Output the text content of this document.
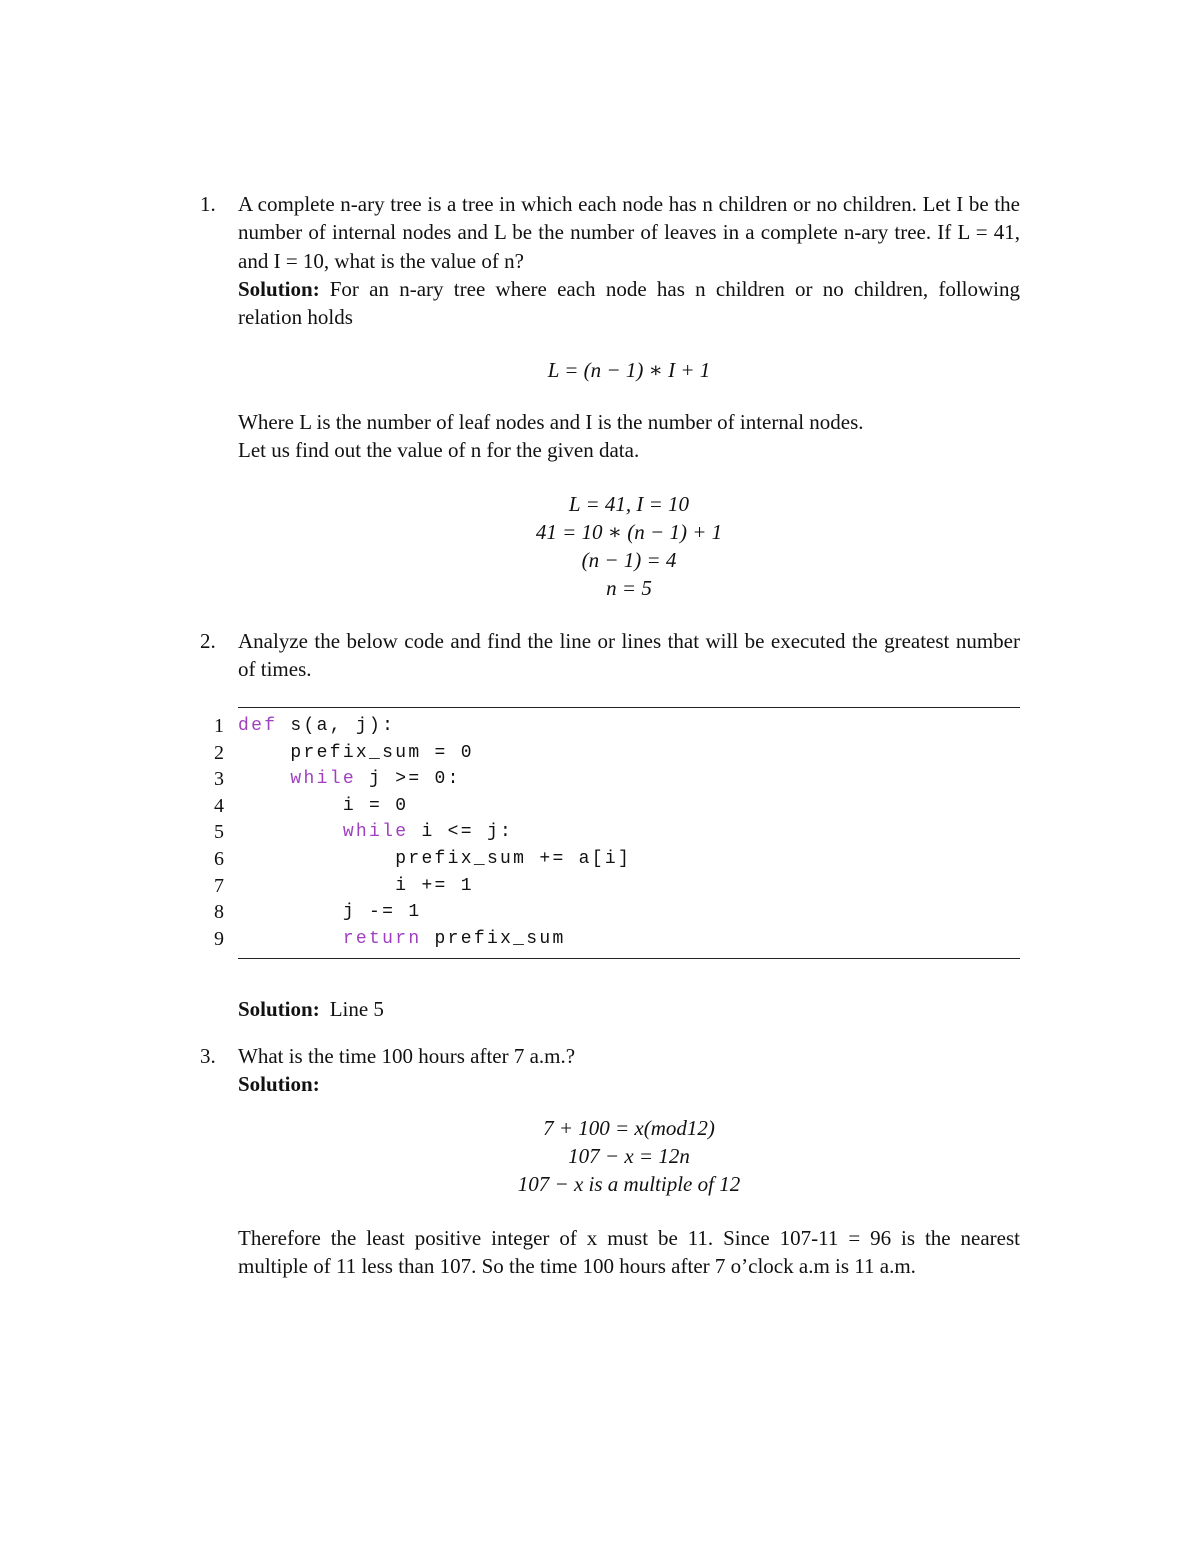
1.	A complete n-ary tree is a tree in which each node has n children or no children. Let I be the number of internal nodes and L be the number of leaves in a complete n-ary tree. If L = 41, and I = 10, what is the value of n?
Solution: For an n-ary tree where each node has n children or no children, following relation holds
L = (n − 1) ∗ I + 1
Where L is the number of leaf nodes and I is the number of internal nodes.
Let us find out the value of n for the given data.
L = 41, I = 10
41 = 10 ∗ (n − 1) + 1
(n − 1) = 4
n = 5
2.	Analyze the below code and find the line or lines that will be executed the greatest number of times.
1 def s(a, j):
2	prefix_sum = 0
3	while j >= 0:
4	i = 0
5	while i <= j:
6	prefix_sum += a[i]
7	i += 1
8	j -= 1
9	return prefix_sum
Solution: Line 5
3.	What is the time 100 hours after 7 a.m.?
Solution:
7 + 100 = x(mod12)
107 − x = 12n
107 − x is a multiple of 12
Therefore the least positive integer of x must be 11. Since 107-11 = 96 is the nearest multiple of 11 less than 107. So the time 100 hours after 7 o’clock a.m is 11 a.m.
